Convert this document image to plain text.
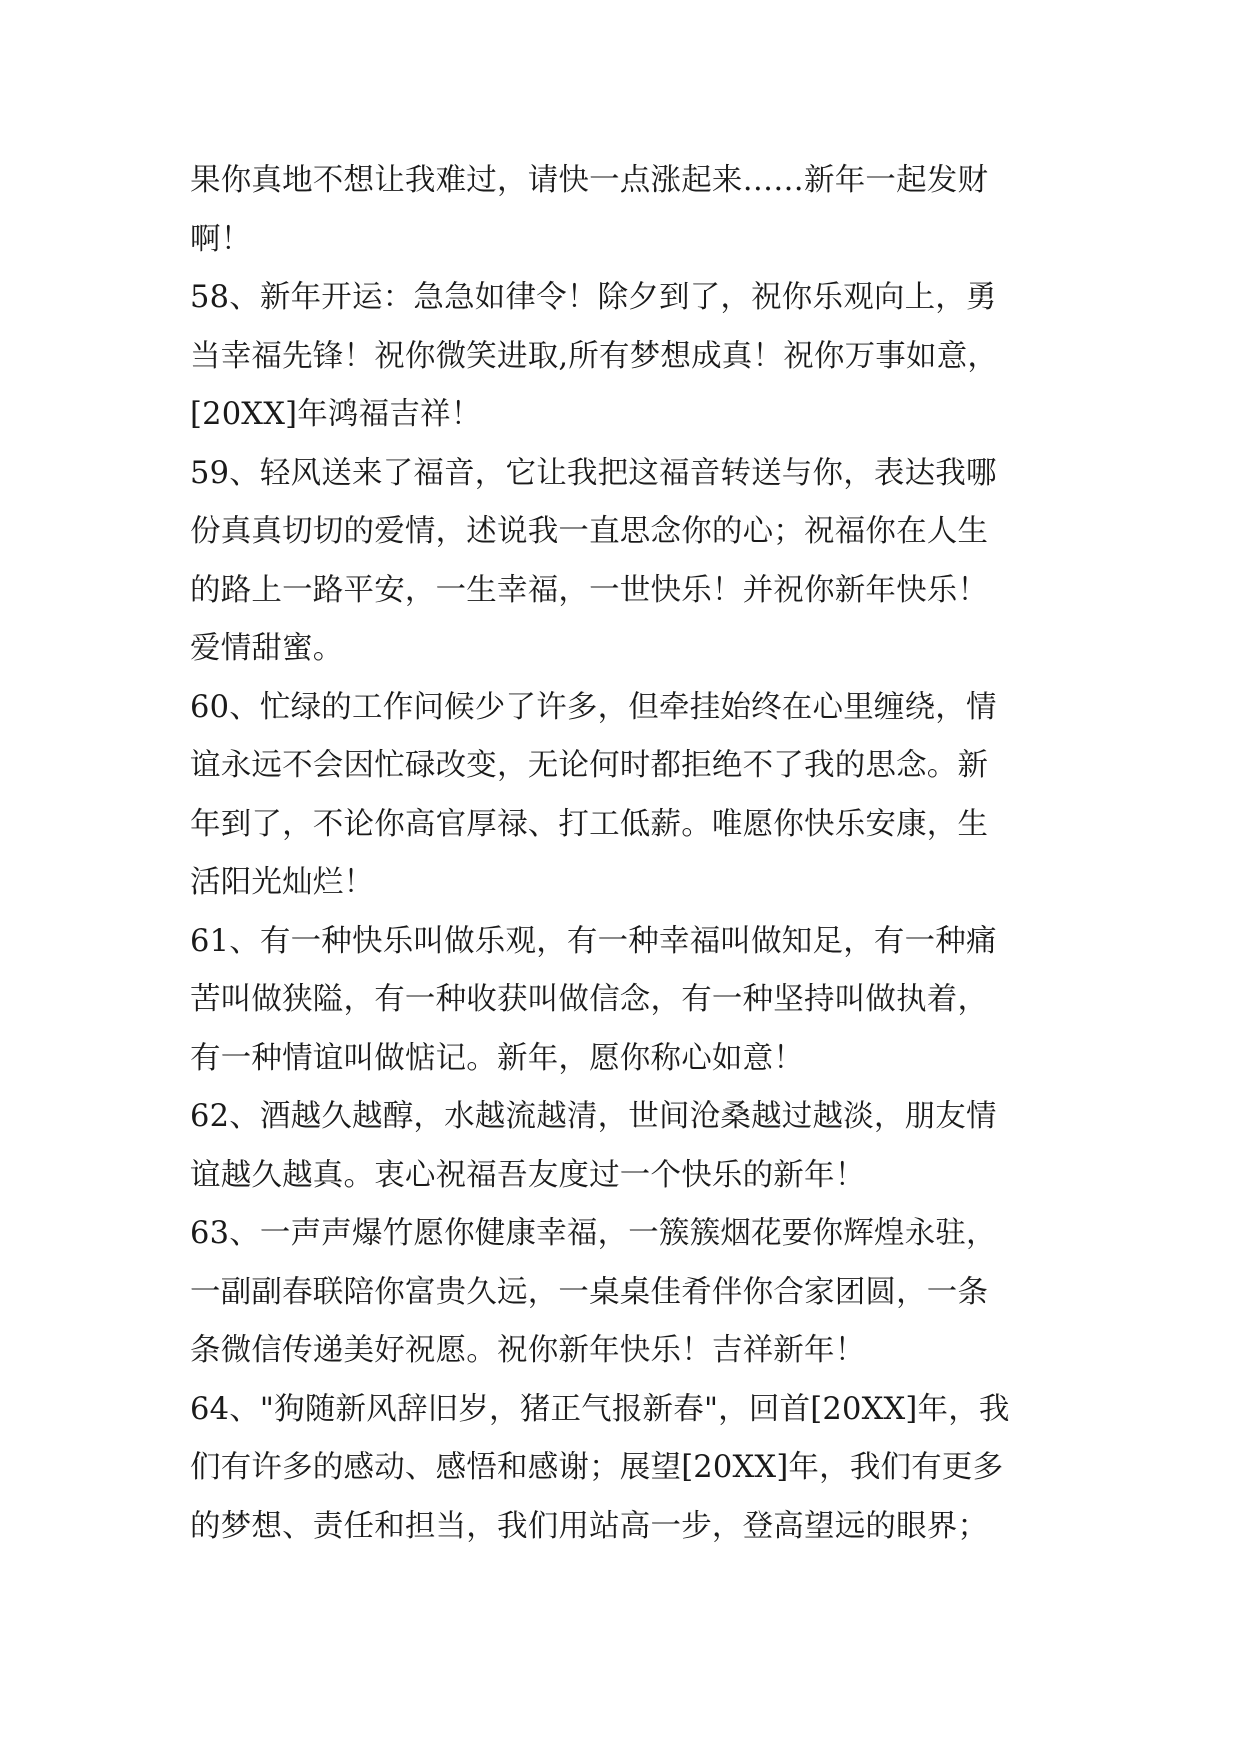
果你真地不想让我难过，请快一点涨起来……新年一起发财
啊！
58、新年开运：急急如律令！除夕到了，祝你乐观向上，勇
当幸福先锋！祝你微笑进取,所有梦想成真！祝你万事如意，
[20XX]年鸿福吉祥！
59、轻风送来了福音，它让我把这福音转送与你，表达我哪
份真真切切的爱情，述说我一直思念你的心；祝福你在人生
的路上一路平安，一生幸福，一世快乐！并祝你新年快乐！
爱情甜蜜。
60、忙绿的工作问候少了许多，但牵挂始终在心里缠绕，情
谊永远不会因忙碌改变，无论何时都拒绝不了我的思念。新
年到了，不论你高官厚禄、打工低薪。唯愿你快乐安康，生
活阳光灿烂！
61、有一种快乐叫做乐观，有一种幸福叫做知足，有一种痛
苦叫做狭隘，有一种收获叫做信念，有一种坚持叫做执着，
有一种情谊叫做惦记。新年，愿你称心如意！
62、酒越久越醇，水越流越清，世间沧桑越过越淡，朋友情
谊越久越真。衷心祝福吾友度过一个快乐的新年！
63、一声声爆竹愿你健康幸福，一簇簇烟花要你辉煌永驻，
一副副春联陪你富贵久远，一桌桌佳肴伴你合家团圆，一条
条微信传递美好祝愿。祝你新年快乐！吉祥新年！
64、"狗随新风辞旧岁，猪正气报新春"，回首[20XX]年，我
们有许多的感动、感悟和感谢；展望[20XX]年，我们有更多
的梦想、责任和担当，我们用站高一步，登高望远的眼界；
